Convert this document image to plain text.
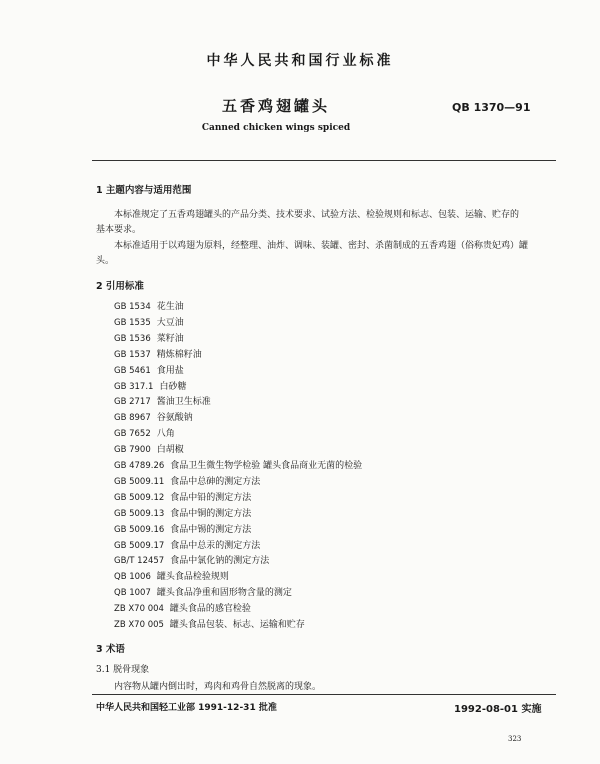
中华人民共和国行业标准
五香鸡翅罐头	QB 1370—91
Canned chicken wings spiced
1 主题内容与适用范围
本标准规定了五香鸡翅罐头的产品分类、技术要求、试验方法、检验规则和标志、包装、运输、贮存的
基本要求。
本标准适用于以鸡翅为原料，经整理、油炸、调味、装罐、密封、杀菌制成的五香鸡翅（俗称贵妃鸡）罐
头。
2 引用标准
GB 1534 花生油
GB 1535 大豆油
GB 1536 菜籽油
GB 1537 精炼棉籽油
GB 5461 食用盐
GB 317.1 白砂糖
GB 2717 酱油卫生标准
GB 8967 谷氨酸钠
GB 7652 八角
GB 7900 白胡椒
GB 4789.26 食品卫生微生物学检验 罐头食品商业无菌的检验
GB 5009.11 食品中总砷的测定方法
GB 5009.12 食品中铅的测定方法
GB 5009.13 食品中铜的测定方法
GB 5009.16 食品中锡的测定方法
GB 5009.17 食品中总汞的测定方法
GB/T 12457 食品中氯化钠的测定方法
QB 1006 罐头食品检验规则
QB 1007 罐头食品净重和固形物含量的测定
ZB X70 004 罐头食品的感官检验
ZB X70 005 罐头食品包装、标志、运输和贮存
3 术语
3.1 脱骨现象
内容物从罐内倒出时，鸡肉和鸡骨自然脱离的现象。
中华人民共和国轻工业部 1991-12-31 批准	1992-08-01 实施
323
